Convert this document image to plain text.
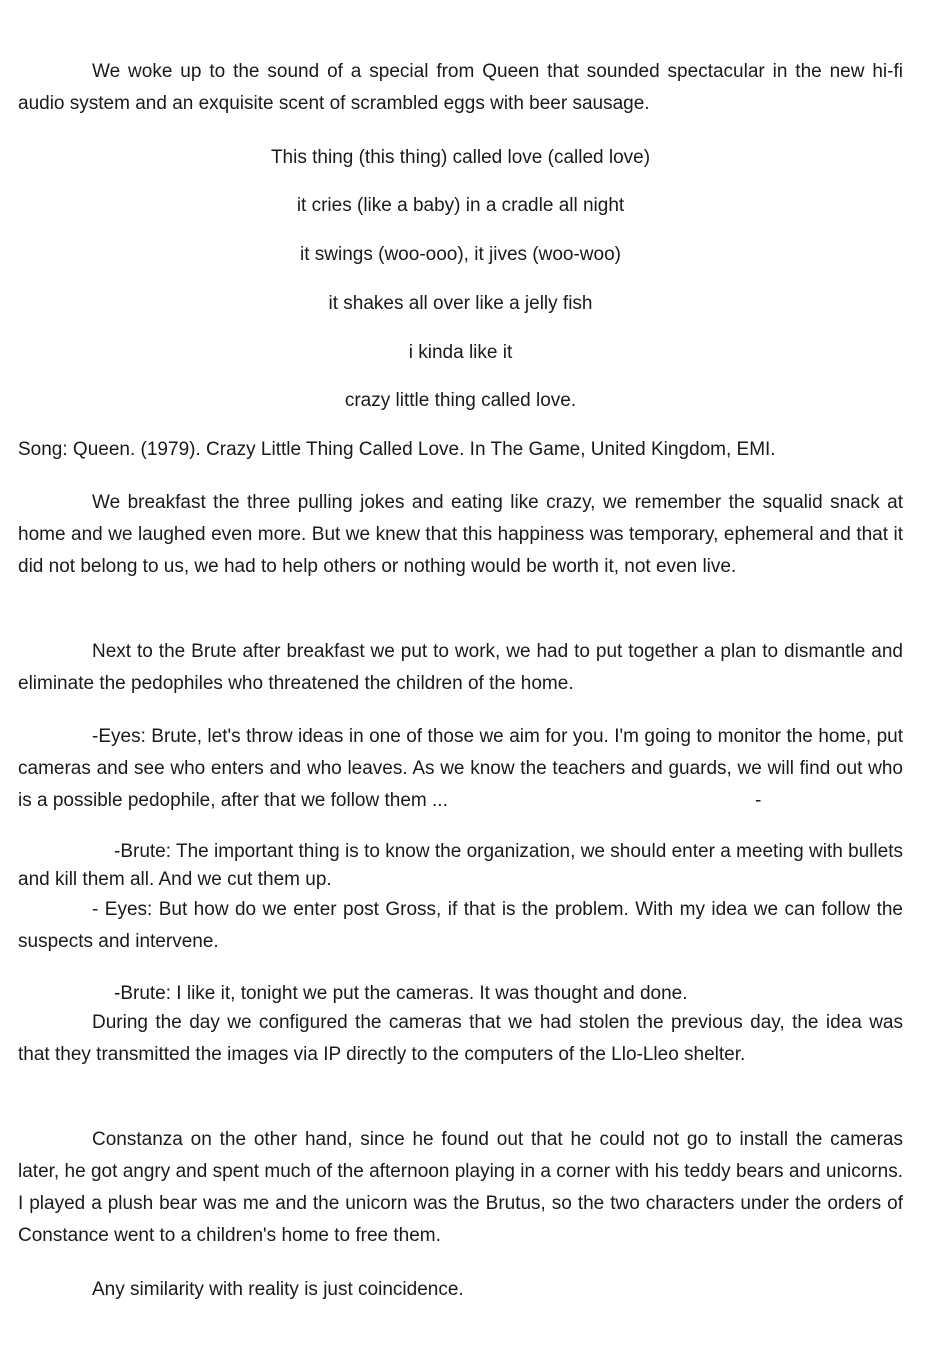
We woke up to the sound of a special from Queen that sounded spectacular in the new hi-fi audio system and an exquisite scent of scrambled eggs with beer sausage.

This thing (this thing) called love (called love)

it cries (like a baby) in a cradle all night

it swings (woo-ooo), it jives (woo-woo)

it shakes all over like a jelly fish

i kinda like it

crazy little thing called love.

Song: Queen. (1979). Crazy Little Thing Called Love. In The Game, United Kingdom, EMI.

We breakfast the three pulling jokes and eating like crazy, we remember the squalid snack at home and we laughed even more. But we knew that this happiness was temporary, ephemeral and that it did not belong to us, we had to help others or nothing would be worth it, not even live.

Next to the Brute after breakfast we put to work, we had to put together a plan to dismantle and eliminate the pedophiles who threatened the children of the home.

-Eyes: Brute, let's throw ideas in one of those we aim for you. I'm going to monitor the home, put cameras and see who enters and who leaves. As we know the teachers and guards, we will find out who is a possible pedophile, after that we follow them ...	-

-Brute: The important thing is to know the organization, we should enter a meeting with bullets and kill them all. And we cut them up.

- Eyes: But how do we enter post Gross, if that is the problem. With my idea we can follow the suspects and intervene.

-Brute: I like it, tonight we put the cameras. It was thought and done.

During the day we configured the cameras that we had stolen the previous day, the idea was that they transmitted the images via IP directly to the computers of the Llo-Lleo shelter.

Constanza on the other hand, since he found out that he could not go to install the cameras later, he got angry and spent much of the afternoon playing in a corner with his teddy bears and unicorns. I played a plush bear was me and the unicorn was the Brutus, so the two characters under the orders of Constance went to a children's home to free them.

Any similarity with reality is just coincidence.
